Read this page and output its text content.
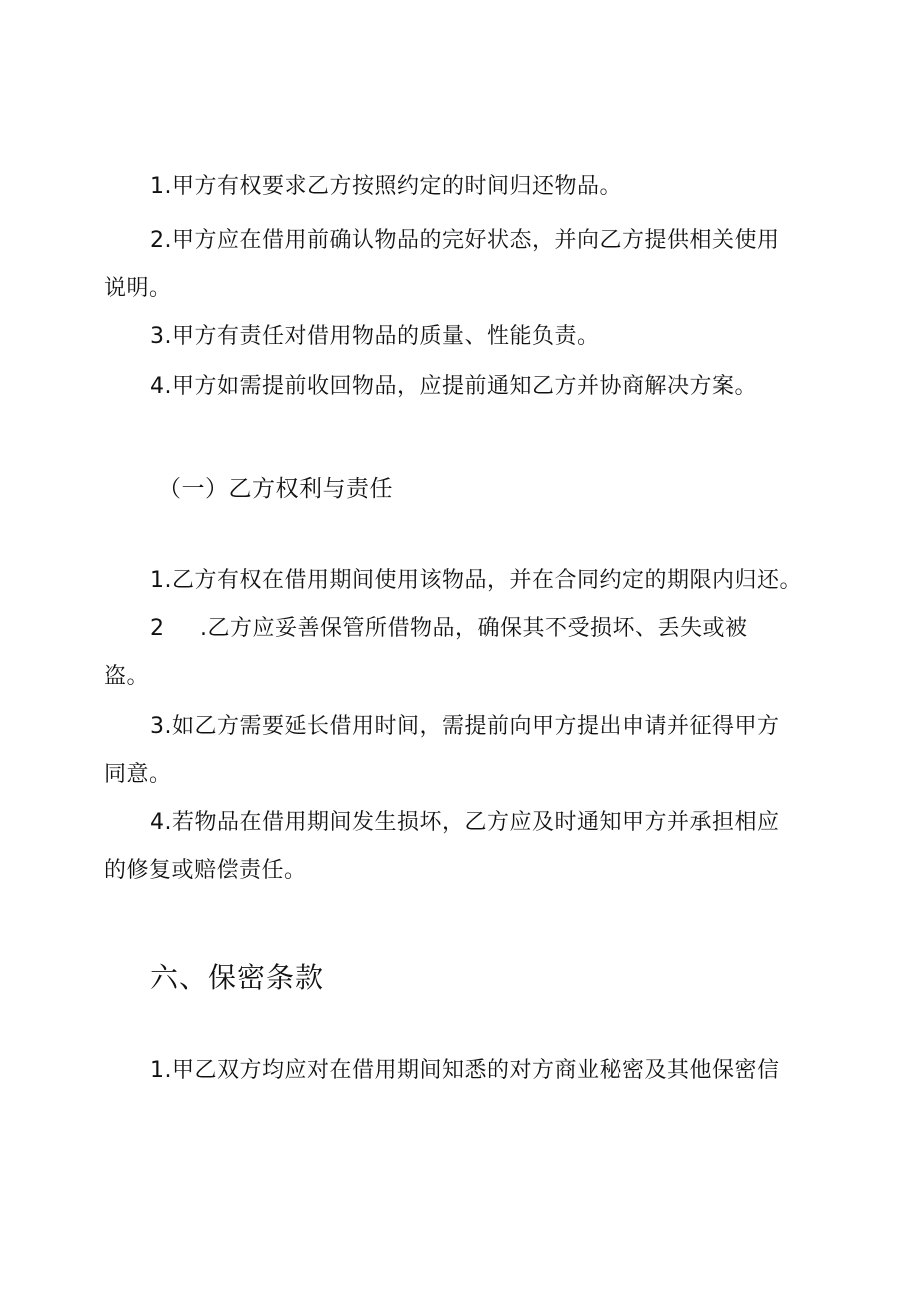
1.甲方有权要求乙方按照约定的时间归还物品。
2.甲方应在借用前确认物品的完好状态，并向乙方提供相关使用
说明。
3.甲方有责任对借用物品的质量、性能负责。
4.甲方如需提前收回物品，应提前通知乙方并协商解决方案。
（一）乙方权利与责任
1.乙方有权在借用期间使用该物品，并在合同约定的期限内归还。
2 .乙方应妥善保管所借物品，确保其不受损坏、丢失或被
盗。
3.如乙方需要延长借用时间，需提前向甲方提出申请并征得甲方
同意。
4.若物品在借用期间发生损坏，乙方应及时通知甲方并承担相应
的修复或赔偿责任。
六、保密条款
1.甲乙双方均应对在借用期间知悉的对方商业秘密及其他保密信
